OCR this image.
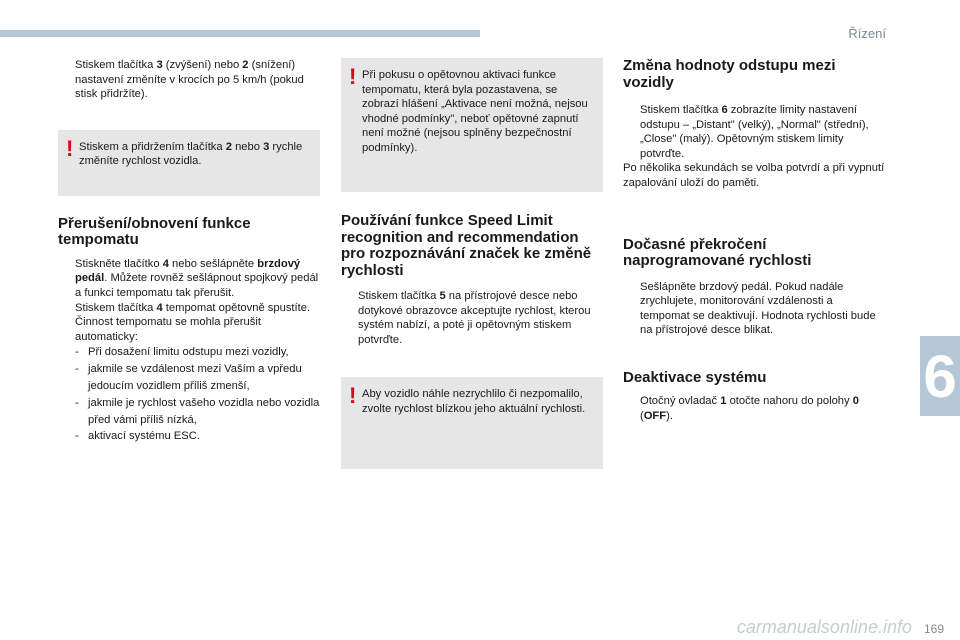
Řízení
6

Stiskem tlačítka 3 (zvýšení) nebo 2 (snížení) nastavení změníte v krocích po 5 km/h (pokud stisk přidržíte).

! Stiskem a přidržením tlačítka 2 nebo 3 rychle změníte rychlost vozidla.

Přerušení/obnovení funkce tempomatu

Stiskněte tlačítko 4 nebo sešlápněte brzdový pedál. Můžete rovněž sešlápnout spojkový pedál a funkci tempomatu tak přerušit.

Stiskem tlačítka 4 tempomat opětovně spustíte. Činnost tempomatu se mohla přerušit automaticky:

- Při dosažení limitu odstupu mezi vozidly,
- jakmile se vzdálenost mezi Vaším a vpředu jedoucím vozidlem příliš zmenší,
- jakmile je rychlost vašeho vozidla nebo vozidla před vámi příliš nízká,
- aktivací systému ESC.
! Při pokusu o opětovnou aktivaci funkce tempomatu, která byla pozastavena, se zobrazí hlášení „Aktivace není možná, nejsou vhodné podmínky", neboť opětovné zapnutí není možné (nejsou splněny bezpečnostní podmínky).

Používání funkce Speed Limit recognition and recommendation pro rozpoznávání značek ke změně rychlosti

Stiskem tlačítka 5 na přístrojové desce nebo dotykové obrazovce akceptujte rychlost, kterou systém nabízí, a poté ji opětovným stiskem potvrďte.

! Aby vozidlo náhle nezrychlilo či nezpomalilo, zvolte rychlost blízkou jeho aktuální rychlosti.

Změna hodnoty odstupu mezi vozidly

Stiskem tlačítka 6 zobrazíte limity nastavení odstupu – „Distant" (velký), „Normal" (střední), „Close" (malý). Opětovným stiskem limity potvrďte.

Po několika sekundách se volba potvrdí a při vypnutí zapalování uloží do paměti.

Dočasné překročení naprogramované rychlosti

Sešlápněte brzdový pedál. Pokud nadále zrychlujete, monitorování vzdálenosti a tempomat se deaktivují. Hodnota rychlosti bude na přístrojové desce blikat.

Deaktivace systému

Otočný ovladač 1 otočte nahoru do polohy 0 (OFF).

carmanualsonline.info 169
